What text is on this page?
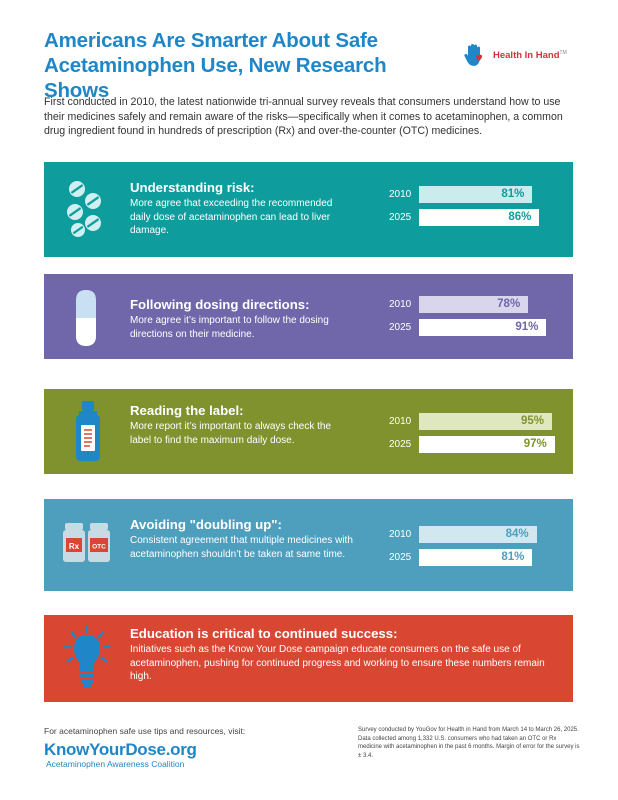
Americans Are Smarter About Safe
Acetaminophen Use, New Research Shows
Health In Hand™
First conducted in 2010, the latest nationwide tri-annual survey reveals that consumers understand how to use their medicines safely and remain aware of the risks—specifically when it comes to acetaminophen, a common drug ingredient found in hundreds of prescription (Rx) and over-the-counter (OTC) medicines.
Understanding risk:
More agree that exceeding the recommended daily dose of acetaminophen can lead to liver damage.
2010	81%
2025	86%
Following dosing directions:
More agree it’s important to follow the dosing directions on their medicine.
2010	78%
2025	91%
Reading the label:
More report it’s important to always check the label to find the maximum daily dose.
2010	95%
2025	97%
Rx OTC
Avoiding "doubling up":
Consistent agreement that multiple medicines with acetaminophen shouldn’t be taken at same time.
2010	84%
2025	81%
Education is critical to continued success:
Initiatives such as the Know Your Dose campaign educate consumers on the safe use of acetaminophen, pushing for continued progress and working to ensure these numbers remain high.
For acetaminophen safe use tips and resources, visit:
KnowYourDose.org
Acetaminophen Awareness Coalition
Survey conducted by YouGov for Health in Hand from March 14 to March 26, 2025. Data collected among 1,332 U.S. consumers who had taken an OTC or Rx medicine with acetaminophen in the past 6 months. Margin of error for the survey is ± 3.4.
